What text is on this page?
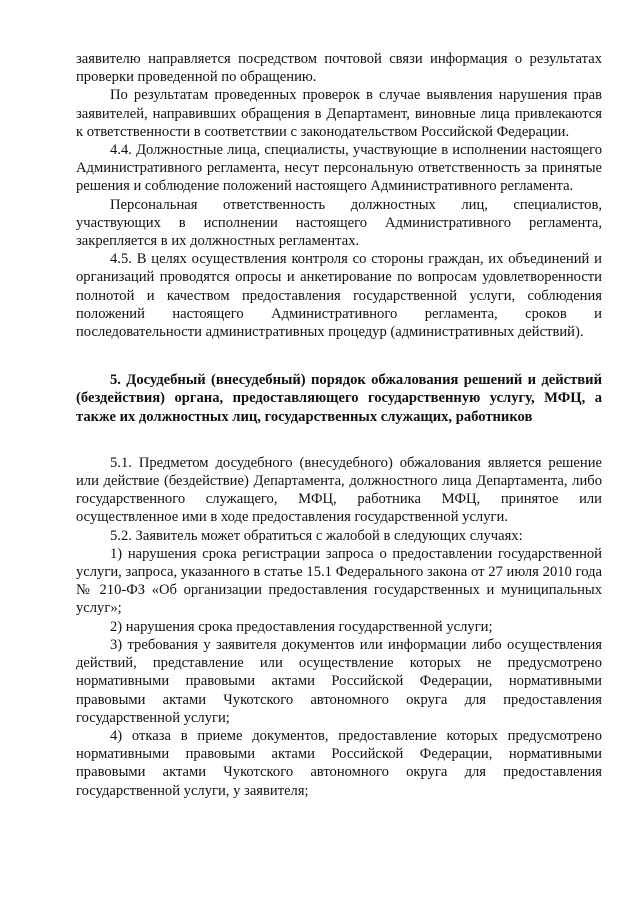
заявителю направляется посредством почтовой связи информация о результатах проверки проведенной по обращению.

По результатам проведенных проверок в случае выявления нарушения прав заявителей, направивших обращения в Департамент, виновные лица привлекаются к ответственности в соответствии с законодательством Российской Федерации.

4.4. Должностные лица, специалисты, участвующие в исполнении настоящего Административного регламента, несут персональную ответственность за принятые решения и соблюдение положений настоящего Административного регламента.

Персональная ответственность должностных лиц, специалистов, участвующих в исполнении настоящего Административного регламента, закрепляется в их должностных регламентах.

4.5. В целях осуществления контроля со стороны граждан, их объединений и организаций проводятся опросы и анкетирование по вопросам удовлетворенности полнотой и качеством предоставления государственной услуги, соблюдения положений настоящего Административного регламента, сроков и последовательности административных процедур (административных действий).

5. Досудебный (внесудебный) порядок обжалования решений и действий (бездействия) органа, предоставляющего государственную услугу, МФЦ, а также их должностных лиц, государственных служащих, работников

5.1. Предметом досудебного (внесудебного) обжалования является решение или действие (бездействие) Департамента, должностного лица Департамента, либо государственного служащего, МФЦ, работника МФЦ, принятое или осуществленное ими в ходе предоставления государственной услуги.

5.2. Заявитель может обратиться с жалобой в следующих случаях:

1) нарушения срока регистрации запроса о предоставлении государственной услуги, запроса, указанного в статье 15.1 Федерального закона от 27 июля 2010 года № 210-ФЗ «Об организации предоставления государственных и муниципальных услуг»;

2) нарушения срока предоставления государственной услуги;

3) требования у заявителя документов или информации либо осуществления действий, представление или осуществление которых не предусмотрено нормативными правовыми актами Российской Федерации, нормативными правовыми актами Чукотского автономного округа для предоставления государственной услуги;

4) отказа в приеме документов, предоставление которых предусмотрено нормативными правовыми актами Российской Федерации, нормативными правовыми актами Чукотского автономного округа для предоставления государственной услуги, у заявителя;
